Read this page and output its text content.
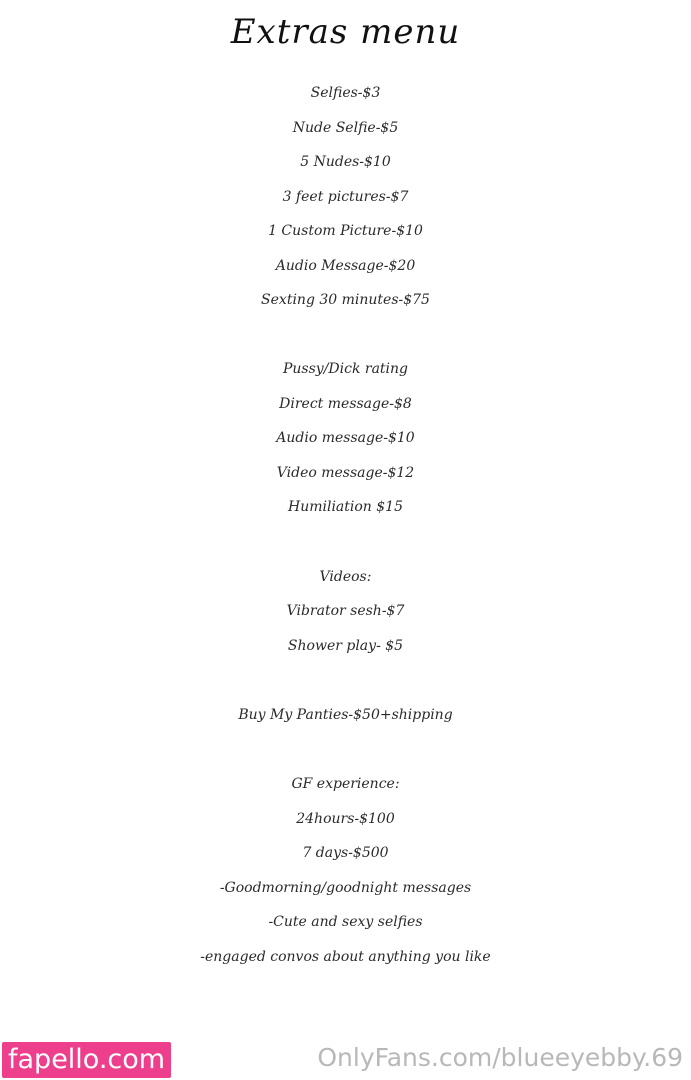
Extras menu
Selfies-$3
Nude Selfie-$5
5 Nudes-$10
3 feet pictures-$7
1 Custom Picture-$10
Audio Message-$20
Sexting 30 minutes-$75
Pussy/Dick rating
Direct message-$8
Audio message-$10
Video message-$12
Humiliation $15
Videos:
Vibrator sesh-$7
Shower play- $5
Buy My Panties-$50+shipping
GF experience:
24hours-$100
7 days-$500
-Goodmorning/goodnight messages
-Cute and sexy selfies
-engaged convos about anything you like
fapello.com	OnlyFans.com/blueeyebby.69
